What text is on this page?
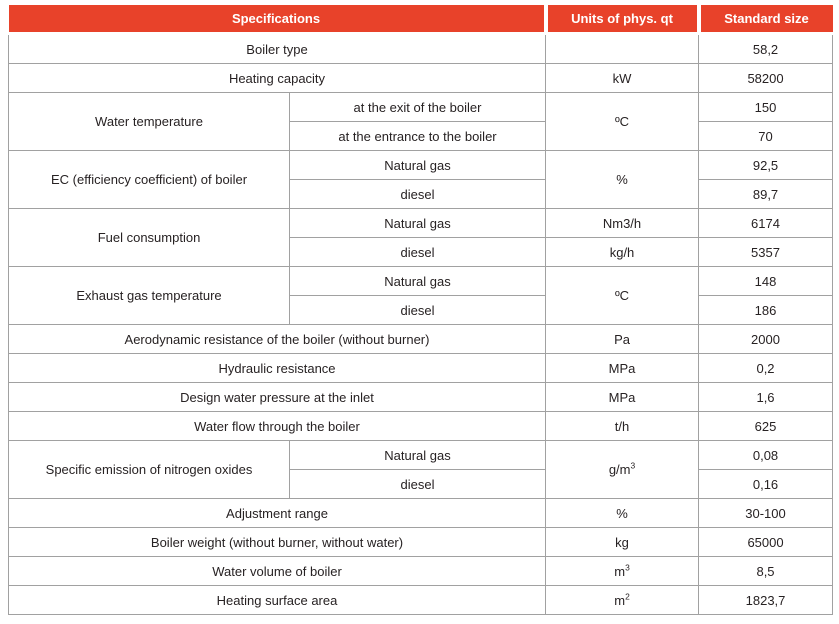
Specifications		Units of phys. qt	Standard size
Boiler type			58,2
Heating capacity		kW	58200
Water temperature	at the exit of the boiler	ºC	150
	at the entrance to the boiler		70
EC (efficiency coefficient) of boiler	Natural gas	%	92,5
	diesel		89,7
Fuel consumption	Natural gas	Nm3/h	6174
	diesel	kg/h	5357
Exhaust gas temperature	Natural gas	ºC	148
	diesel		186
Aerodynamic resistance of the boiler (without burner)		Pa	2000
Hydraulic resistance		MPa	0,2
Design water pressure at the inlet		MPa	1,6
Water flow through the boiler		t/h	625
Specific emission of nitrogen oxides	Natural gas	$g/m^3$	0,08
	diesel		0,16
Adjustment range		%	30-100
Boiler weight (without burner, without water)		kg	65000
Water volume of boiler		$m^3$	8,5
Heating surface area		$m^2$	1823,7
